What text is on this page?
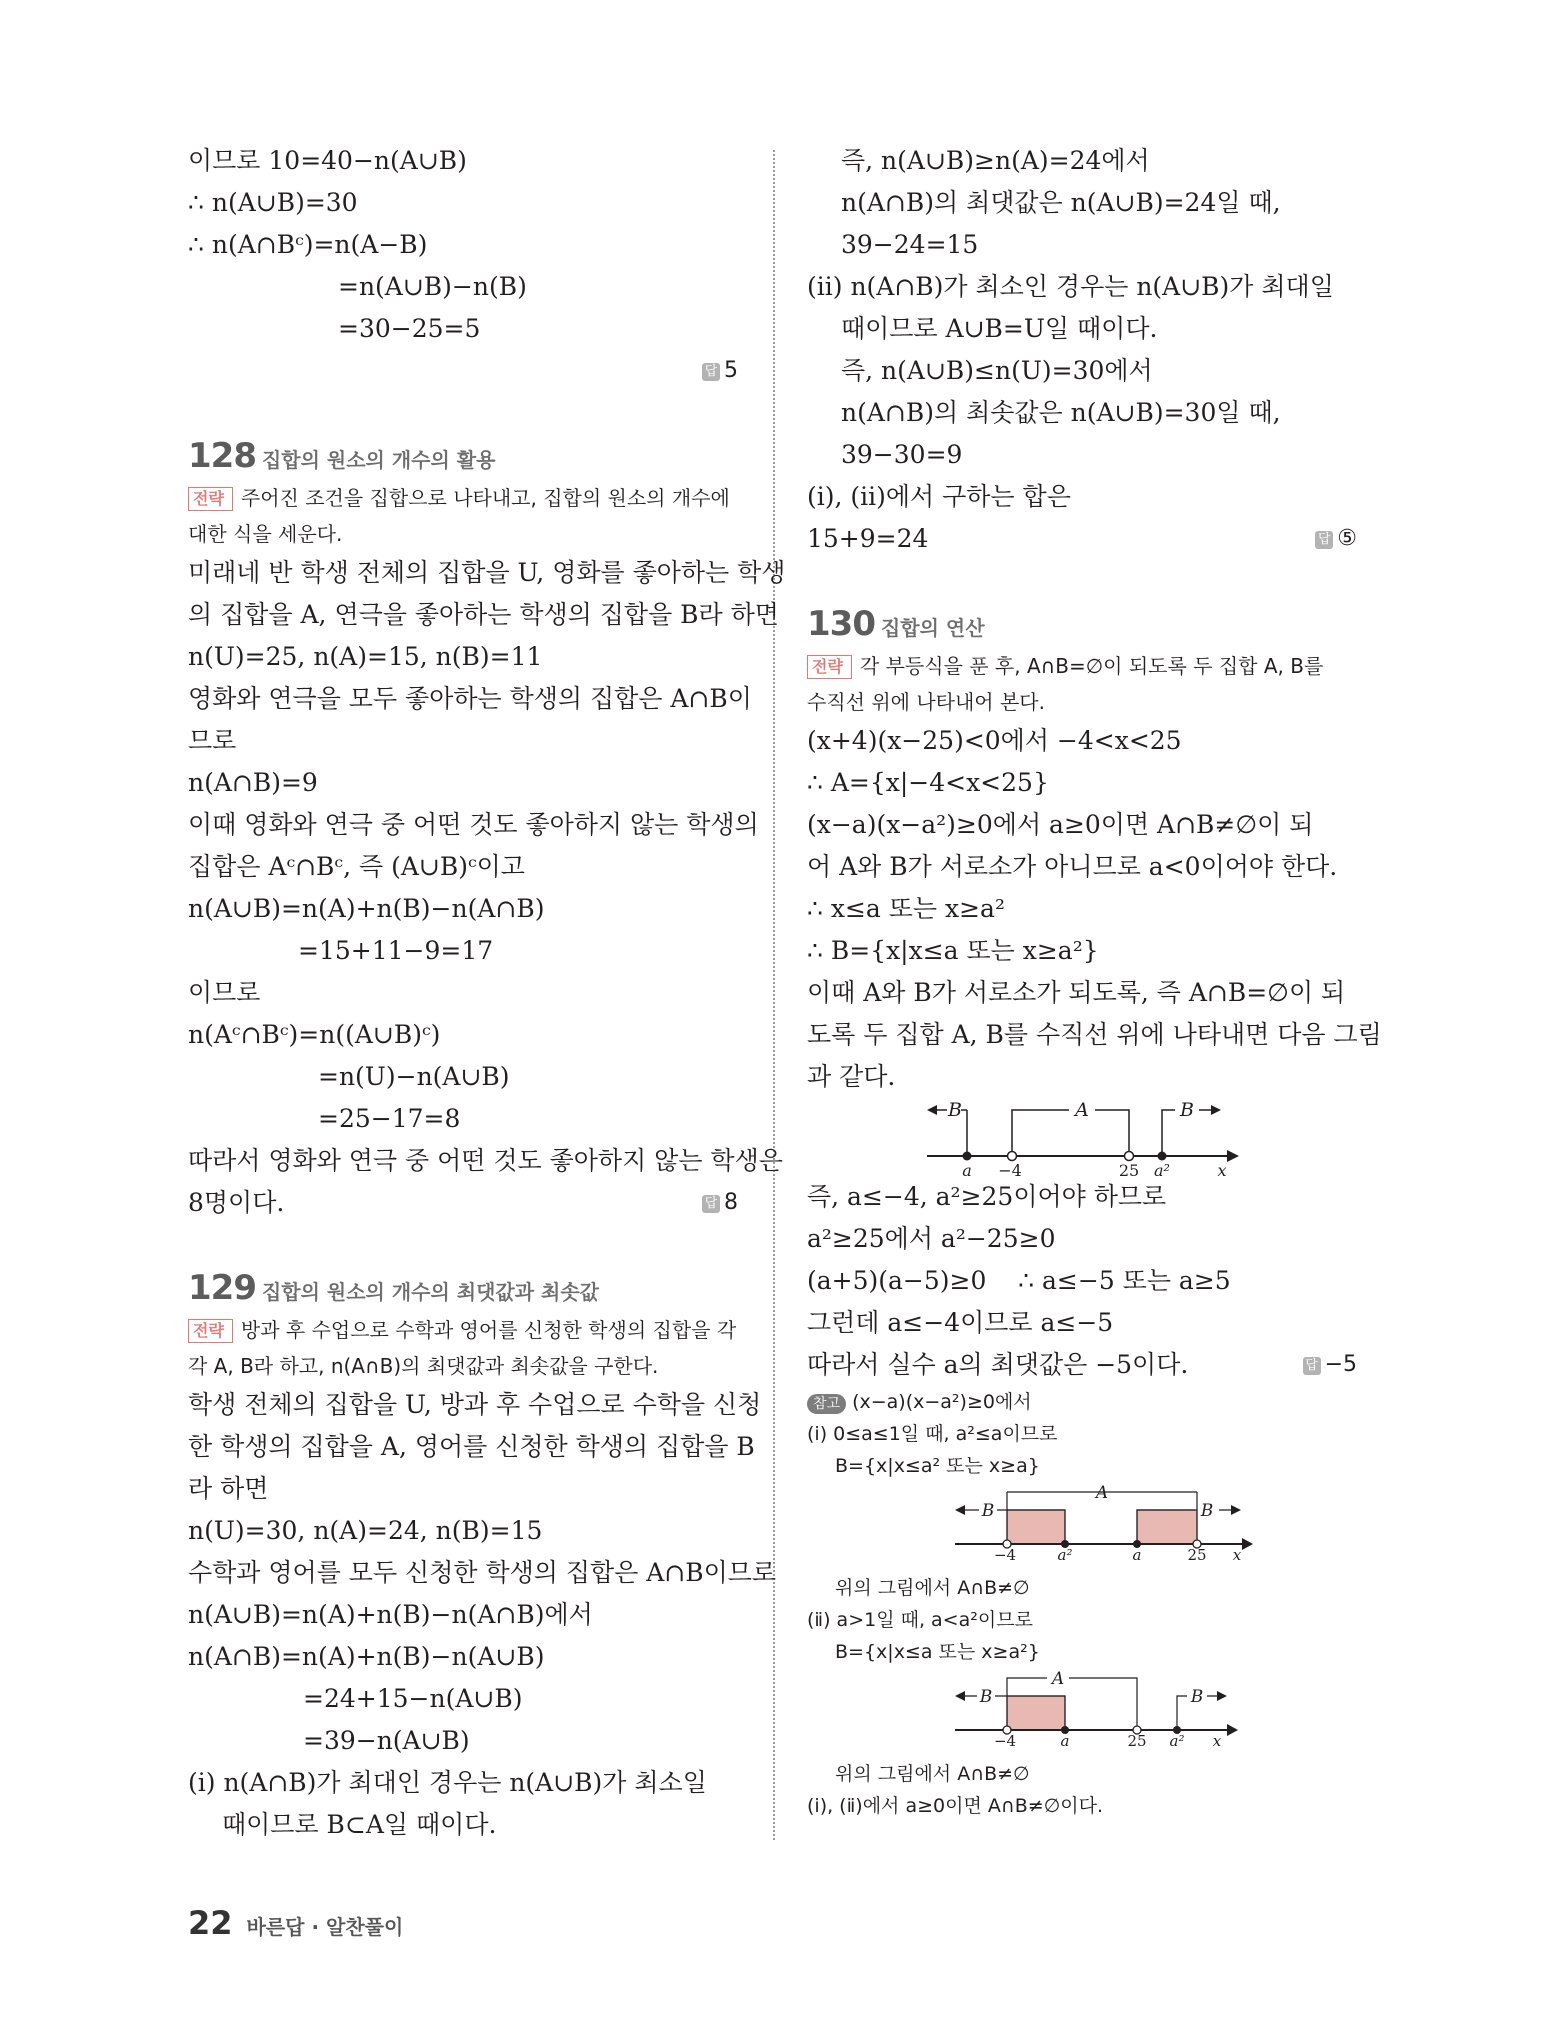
이므로 10=40−n(A∪B)
∴ n(A∪B)=30
∴ n(A∩Bᶜ)=n(A−B)
=n(A∪B)−n(B)
=30−25=5
답 5
128 집합의 원소의 개수의 활용
전략 주어진 조건을 집합으로 나타내고, 집합의 원소의 개수에
대한 식을 세운다.
미래네 반 학생 전체의 집합을 U, 영화를 좋아하는 학생
의 집합을 A, 연극을 좋아하는 학생의 집합을 B라 하면
n(U)=25, n(A)=15, n(B)=11
영화와 연극을 모두 좋아하는 학생의 집합은 A∩B이
므로
n(A∩B)=9
이때 영화와 연극 중 어떤 것도 좋아하지 않는 학생의
집합은 Aᶜ∩Bᶜ, 즉 (A∪B)ᶜ이고
n(A∪B)=n(A)+n(B)−n(A∩B)
=15+11−9=17
이므로
n(Aᶜ∩Bᶜ)=n((A∪B)ᶜ)
=n(U)−n(A∪B)
=25−17=8
따라서 영화와 연극 중 어떤 것도 좋아하지 않는 학생은
8명이다.	답 8
129 집합의 원소의 개수의 최댓값과 최솟값
전략 방과 후 수업으로 수학과 영어를 신청한 학생의 집합을 각
각 A, B라 하고, n(A∩B)의 최댓값과 최솟값을 구한다.
학생 전체의 집합을 U, 방과 후 수업으로 수학을 신청
한 학생의 집합을 A, 영어를 신청한 학생의 집합을 B
라 하면
n(U)=30, n(A)=24, n(B)=15
수학과 영어를 모두 신청한 학생의 집합은 A∩B이므로
n(A∪B)=n(A)+n(B)−n(A∩B)에서
n(A∩B)=n(A)+n(B)−n(A∪B)
=24+15−n(A∪B)
=39−n(A∪B)
(ⅰ) n(A∩B)가 최대인 경우는 n(A∪B)가 최소일
때이므로 B⊂A일 때이다.
즉, n(A∪B)≥n(A)=24에서
n(A∩B)의 최댓값은 n(A∪B)=24일 때,
39−24=15
(ⅱ) n(A∩B)가 최소인 경우는 n(A∪B)가 최대일
때이므로 A∪B=U일 때이다.
즉, n(A∪B)≤n(U)=30에서
n(A∩B)의 최솟값은 n(A∪B)=30일 때,
39−30=9
(ⅰ), (ⅱ)에서 구하는 합은
15+9=24	답 ⑤
130 집합의 연산
전략 각 부등식을 푼 후, A∩B=∅이 되도록 두 집합 A, B를
수직선 위에 나타내어 본다.
(x+4)(x−25)<0에서 −4<x<25
∴ A={x|−4<x<25}
(x−a)(x−a²)≥0에서 a≥0이면 A∩B≠∅이 되
어 A와 B가 서로소가 아니므로 a<0이어야 한다.
∴ x≤a 또는 x≥a²
∴ B={x|x≤a 또는 x≥a²}
이때 A와 B가 서로소가 되도록, 즉 A∩B=∅이 되
도록 두 집합 A, B를 수직선 위에 나타내면 다음 그림
과 같다.
B	A	B
a −4	25 a²	x
즉, a≤−4, a²≥25이어야 하므로
a²≥25에서 a²−25≥0
(a+5)(a−5)≥0    ∴ a≤−5 또는 a≥5
그런데 a≤−4이므로 a≤−5
따라서 실수 a의 최댓값은 −5이다.	답 −5
참고 (x−a)(x−a²)≥0에서
(ⅰ) 0≤a≤1일 때, a²≤a이므로
B={x|x≤a² 또는 x≥a}
A
B	B
−4	a²	a	25 x
위의 그림에서 A∩B≠∅
(ⅱ) a>1일 때, a<a²이므로
B={x|x≤a 또는 x≥a²}
A
B	B
−4	a	25 a² x
위의 그림에서 A∩B≠∅
(ⅰ), (ⅱ)에서 a≥0이면 A∩B≠∅이다.
22 바른답 · 알찬풀이
